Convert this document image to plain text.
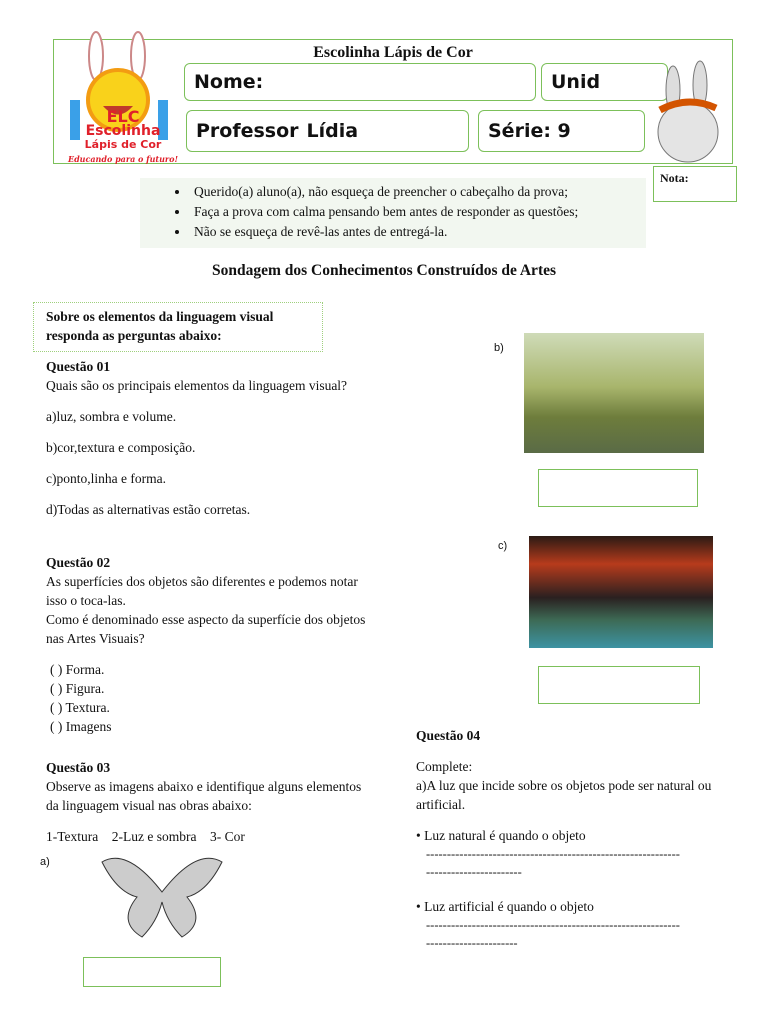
Escolinha Lápis de Cor
ELC
Escolinha
Lápis de Cor
Educando para o futuro!
Nome:	Unid
Professor Lídia	Série: 9
Nota:
• Querido(a) aluno(a), não esqueça de preencher o cabeçalho da prova;
• Faça a prova com calma pensando bem antes de responder as questões;
• Não se esqueça de revê-las antes de entregá-la.
Sondagem dos Conhecimentos Construídos de Artes
Sobre os elementos da linguagem visual responda as perguntas abaixo:
Questão 01
Quais são os principais elementos da linguagem visual?
a)luz, sombra e volume.
b)cor,textura e composição.
c)ponto,linha e forma.
d)Todas as alternativas estão corretas.
Questão 02
As superfícies dos objetos são diferentes e podemos notar isso o toca-las.
Como é denominado esse aspecto da superfície dos objetos nas Artes Visuais?
( ) Forma.
( ) Figura.
( ) Textura.
( ) Imagens
Questão 03
Observe as imagens abaixo e identifique alguns elementos da linguagem visual nas obras abaixo:
1-Textura    2-Luz e sombra    3- Cor
a)
b)
c)
Questão 04
Complete:
a)A luz que incide sobre os objetos pode ser natural ou artificial.
• Luz natural é quando o objeto
-------------------------------------------------------------
-----------------------
• Luz artificial é quando o objeto
-------------------------------------------------------------
----------------------
